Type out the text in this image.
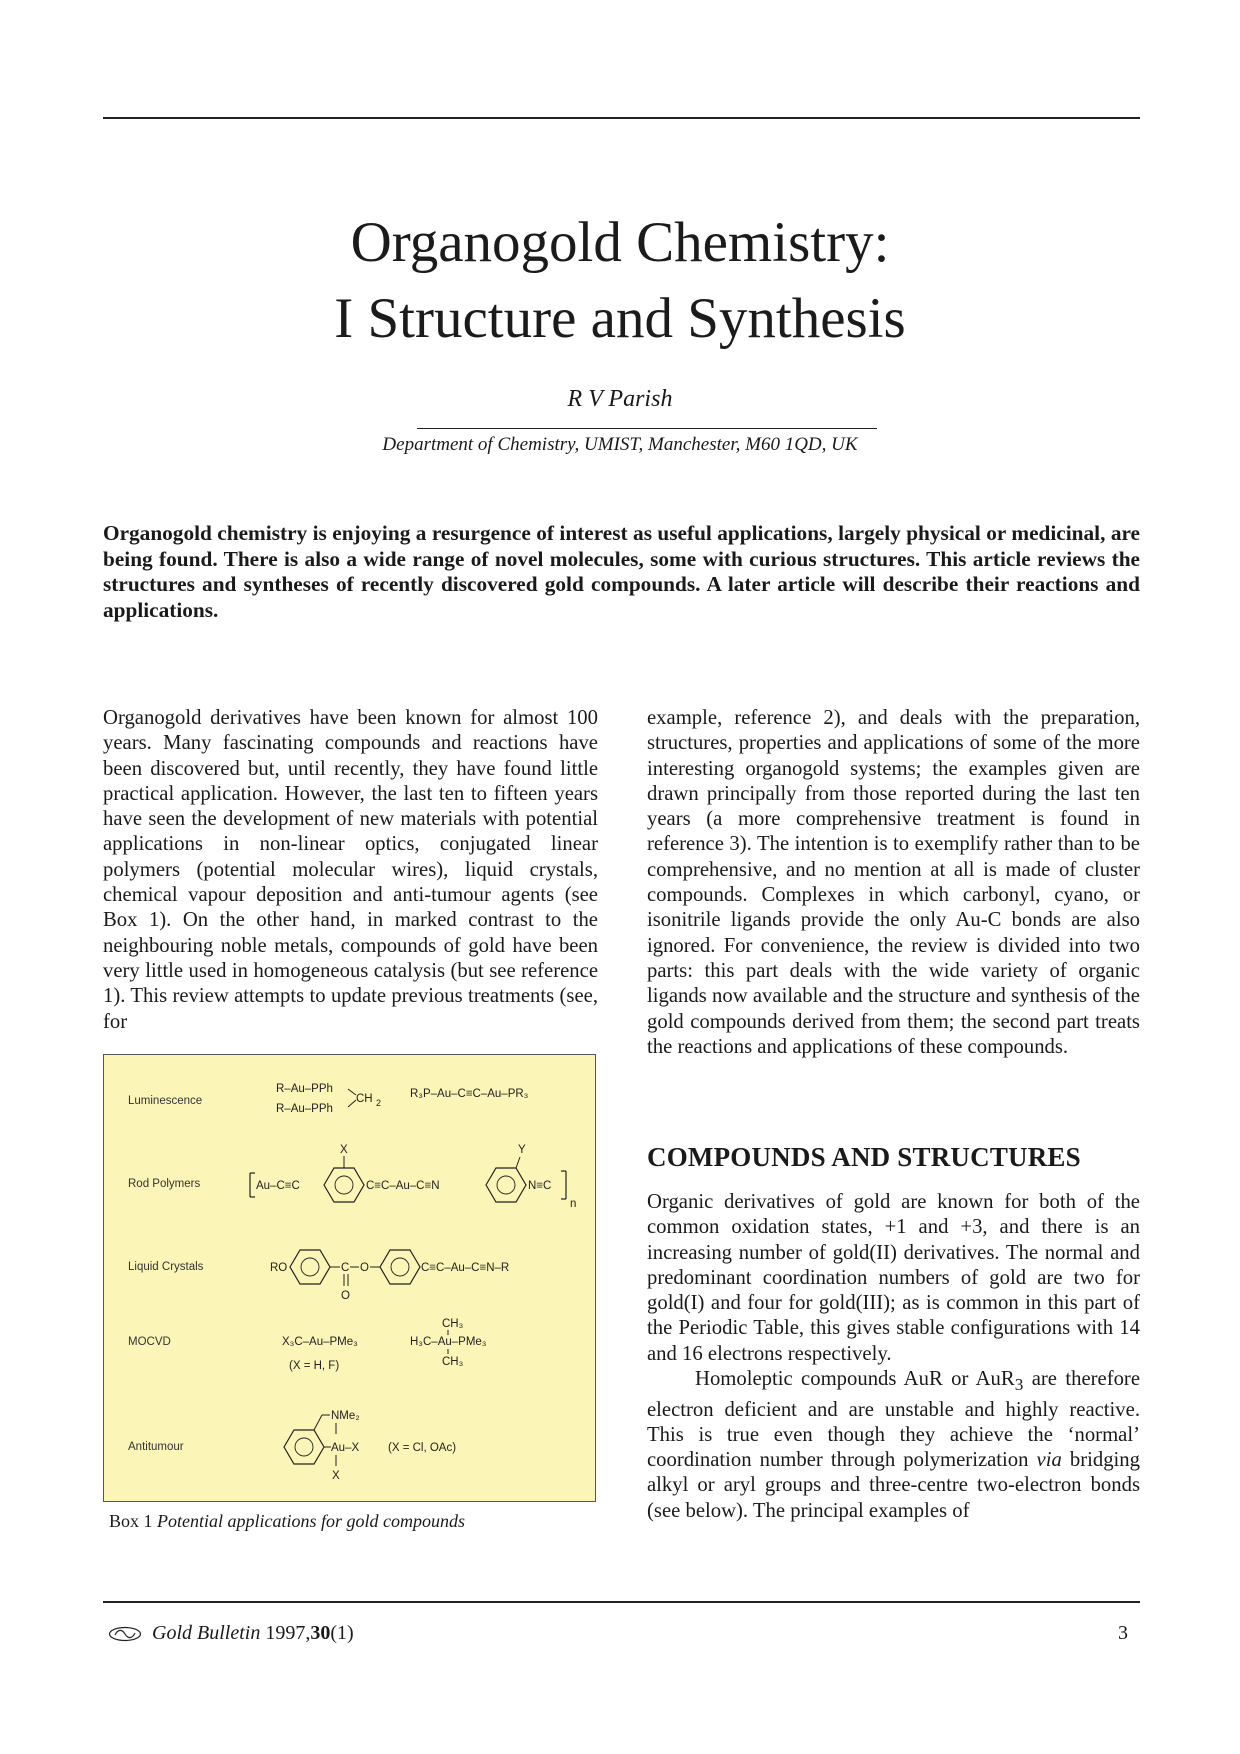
Organogold Chemistry:
I Structure and Synthesis
R V Parish
Department of Chemistry, UMIST, Manchester, M60 1QD, UK

Organogold chemistry is enjoying a resurgence of interest as useful applications, largely physical or medicinal, are being found. There is also a wide range of novel molecules, some with curious structures. This article reviews the structures and syntheses of recently discovered gold compounds. A later article will describe their reactions and applications.

Organogold derivatives have been known for almost 100 years. Many fascinating compounds and reactions have been discovered but, until recently, they have found little practical application. However, the last ten to fifteen years have seen the development of new materials with potential applications in non-linear optics, conjugated linear polymers (potential molecular wires), liquid crystals, chemical vapour deposition and anti-tumour agents (see Box 1). On the other hand, in marked contrast to the neighbouring noble metals, compounds of gold have been very little used in homogeneous catalysis (but see reference 1). This review attempts to update previous treatments (see, for

example, reference 2), and deals with the preparation, structures, properties and applications of some of the more interesting organogold systems; the examples given are drawn principally from those reported during the last ten years (a more comprehensive treatment is found in reference 3). The intention is to exemplify rather than to be comprehensive, and no mention at all is made of cluster compounds. Complexes in which carbonyl, cyano, or isonitrile ligands provide the only Au-C bonds are also ignored. For convenience, the review is divided into two parts: this part deals with the wide variety of organic ligands now available and the structure and synthesis of the gold compounds derived from them; the second part treats the reactions and applications of these compounds.

COMPOUNDS AND STRUCTURES

Organic derivatives of gold are known for both of the common oxidation states, +1 and +3, and there is an increasing number of gold(II) derivatives. The normal and predominant coordination numbers of gold are two for gold(I) and four for gold(III); as is common in this part of the Periodic Table, this gives stable configurations with 14 and 16 electrons respectively.

Homoleptic compounds AuR or AuR$_3$ are therefore electron deficient and are unstable and highly reactive. This is true even though they achieve the ‘normal’ coordination number through polymerization via bridging alkyl or aryl groups and three-centre two-electron bonds (see below). The principal examples of

Luminescence
Rod Polymers
Liquid Crystals
MOCVD
Antitumour
R–Au–PPh
R–Au–PPh
CH 2
R₃P–Au–C≡C–Au–PR₃
Au–C≡C
X
C≡C–Au–C≡N
Y
N≡C
n
RO	C
O
O	C≡C–Au–C≡N–R
X₃C–Au–PMe₃
(X = H, F)
CH₃
H₃C–Au–PMe₃
CH₃
NMe₂
Au–X
X
(X = Cl, OAc)
Box 1 Potential applications for gold compounds
Gold Bulletin
1997, 30 (1)	3
